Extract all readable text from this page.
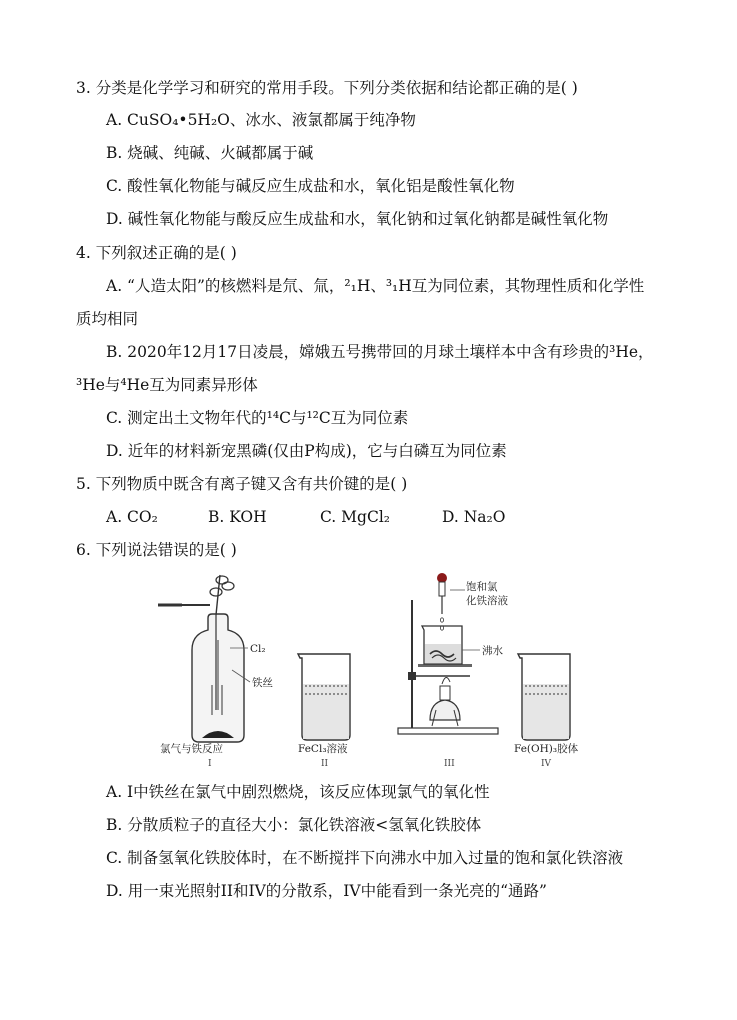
3. 分类是化学学习和研究的常用手段。下列分类依据和结论都正确的是( )
A. CuSO₄•5H₂O、冰水、液氯都属于纯净物
B. 烧碱、纯碱、火碱都属于碱
C. 酸性氧化物能与碱反应生成盐和水，氧化铝是酸性氧化物
D. 碱性氧化物能与酸反应生成盐和水，氧化钠和过氧化钠都是碱性氧化物
4. 下列叙述正确的是( )
A. “人造太阳”的核燃料是氘、氚，²₁H、³₁H互为同位素，其物理性质和化学性
质均相同
B. 2020年12月17日凌晨，嫦娥五号携带回的月球土壤样本中含有珍贵的³He，
³He与⁴He互为同素异形体
C. 测定出土文物年代的¹⁴C与¹²C互为同位素
D. 近年的材料新宠黑磷(仅由P构成)，它与白磷互为同位素
5. 下列物质中既含有离子键又含有共价键的是( )
A. CO₂	B. KOH	C. MgCl₂	D. Na₂O
6. 下列说法错误的是( )
Cl₂
铁丝
氯气与铁反应
I
FeCl₃溶液
II
饱和氯
化铁溶液
沸水
III
Fe(OH)₃胶体
IV
A. I中铁丝在氯气中剧烈燃烧，该反应体现氯气的氧化性
B. 分散质粒子的直径大小：氯化铁溶液<氢氧化铁胶体
C. 制备氢氧化铁胶体时，在不断搅拌下向沸水中加入过量的饱和氯化铁溶液
D. 用一束光照射II和IV的分散系，IV中能看到一条光亮的“通路”
